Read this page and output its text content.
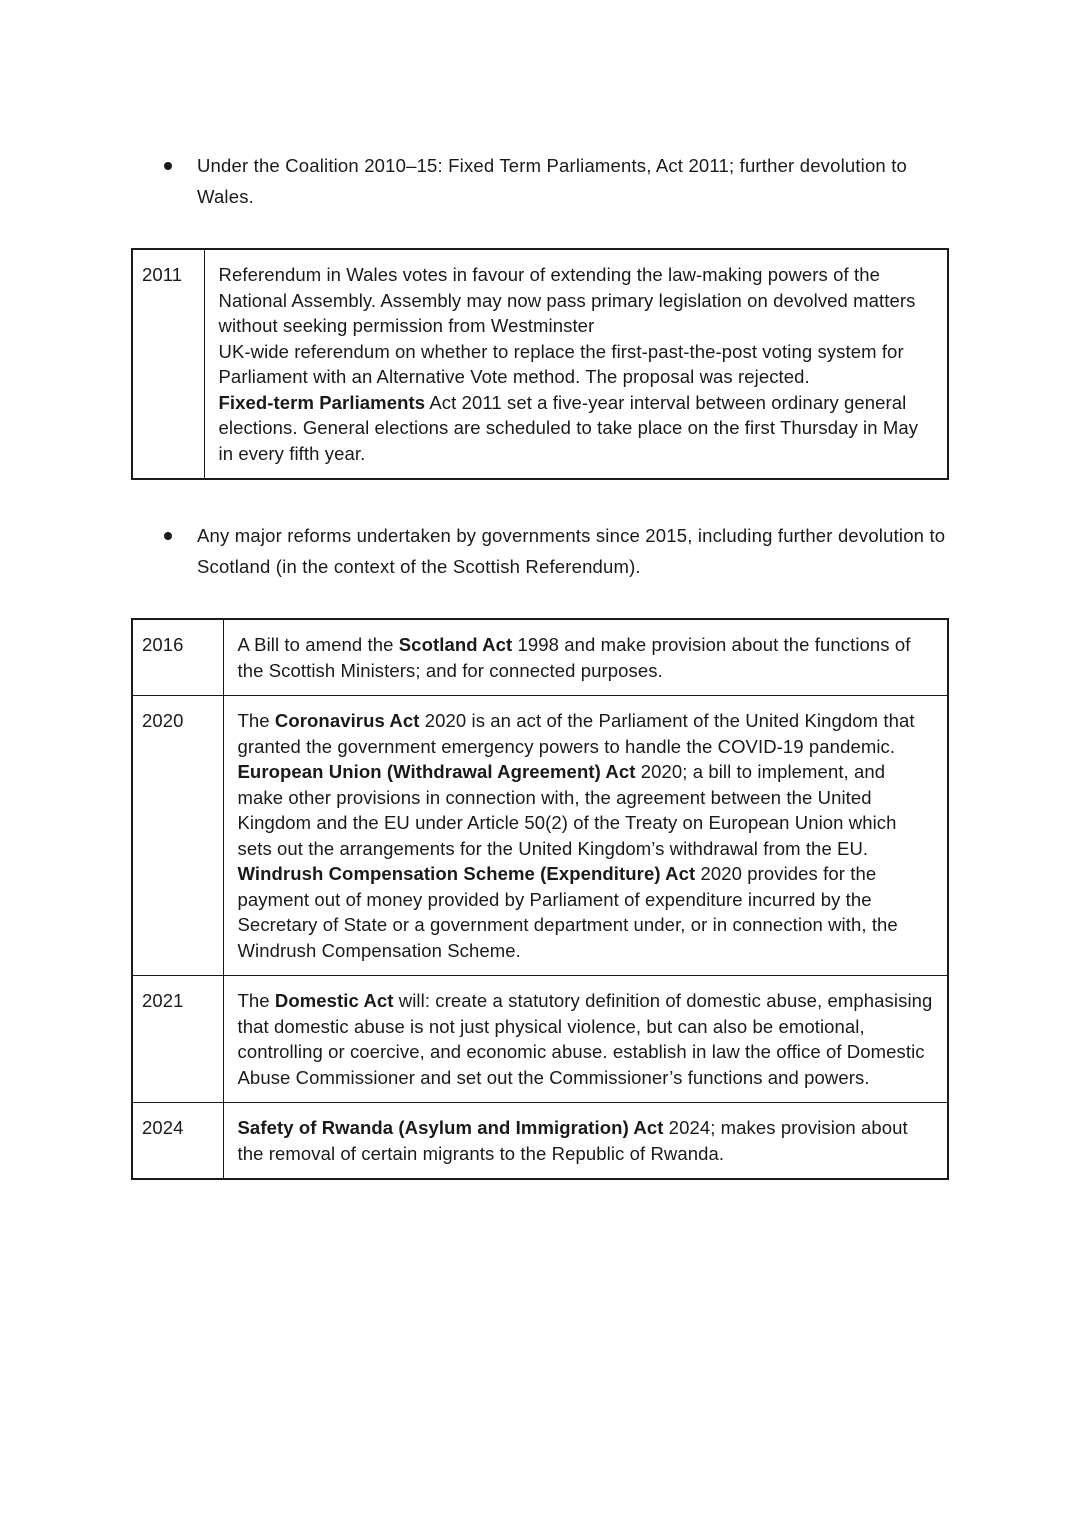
Under the Coalition 2010–15: Fixed Term Parliaments, Act 2011; further devolution to Wales.
2011	Referendum in Wales votes in favour of extending the law-making powers of the National Assembly. Assembly may now pass primary legislation on devolved matters without seeking permission from Westminster
UK-wide referendum on whether to replace the first-past-the-post voting system for Parliament with an Alternative Vote method. The proposal was rejected.
Fixed-term Parliaments Act 2011 set a five-year interval between ordinary general elections. General elections are scheduled to take place on the first Thursday in May in every fifth year.
Any major reforms undertaken by governments since 2015, including further devolution to Scotland (in the context of the Scottish Referendum).
2016	A Bill to amend the Scotland Act 1998 and make provision about the functions of the Scottish Ministers; and for connected purposes.

2020	The Coronavirus Act 2020 is an act of the Parliament of the United Kingdom that granted the government emergency powers to handle the COVID-19 pandemic.
European Union (Withdrawal Agreement) Act 2020; a bill to implement, and make other provisions in connection with, the agreement between the United Kingdom and the EU under Article 50(2) of the Treaty on European Union which sets out the arrangements for the United Kingdom’s withdrawal from the EU.
Windrush Compensation Scheme (Expenditure) Act 2020 provides for the payment out of money provided by Parliament of expenditure incurred by the Secretary of State or a government department under, or in connection with, the Windrush Compensation Scheme.

2021	The Domestic Act will: create a statutory definition of domestic abuse, emphasising that domestic abuse is not just physical violence, but can also be emotional, controlling or coercive, and economic abuse. establish in law the office of Domestic Abuse Commissioner and set out the Commissioner’s functions and powers.

2024	Safety of Rwanda (Asylum and Immigration) Act 2024; makes provision about the removal of certain migrants to the Republic of Rwanda.
